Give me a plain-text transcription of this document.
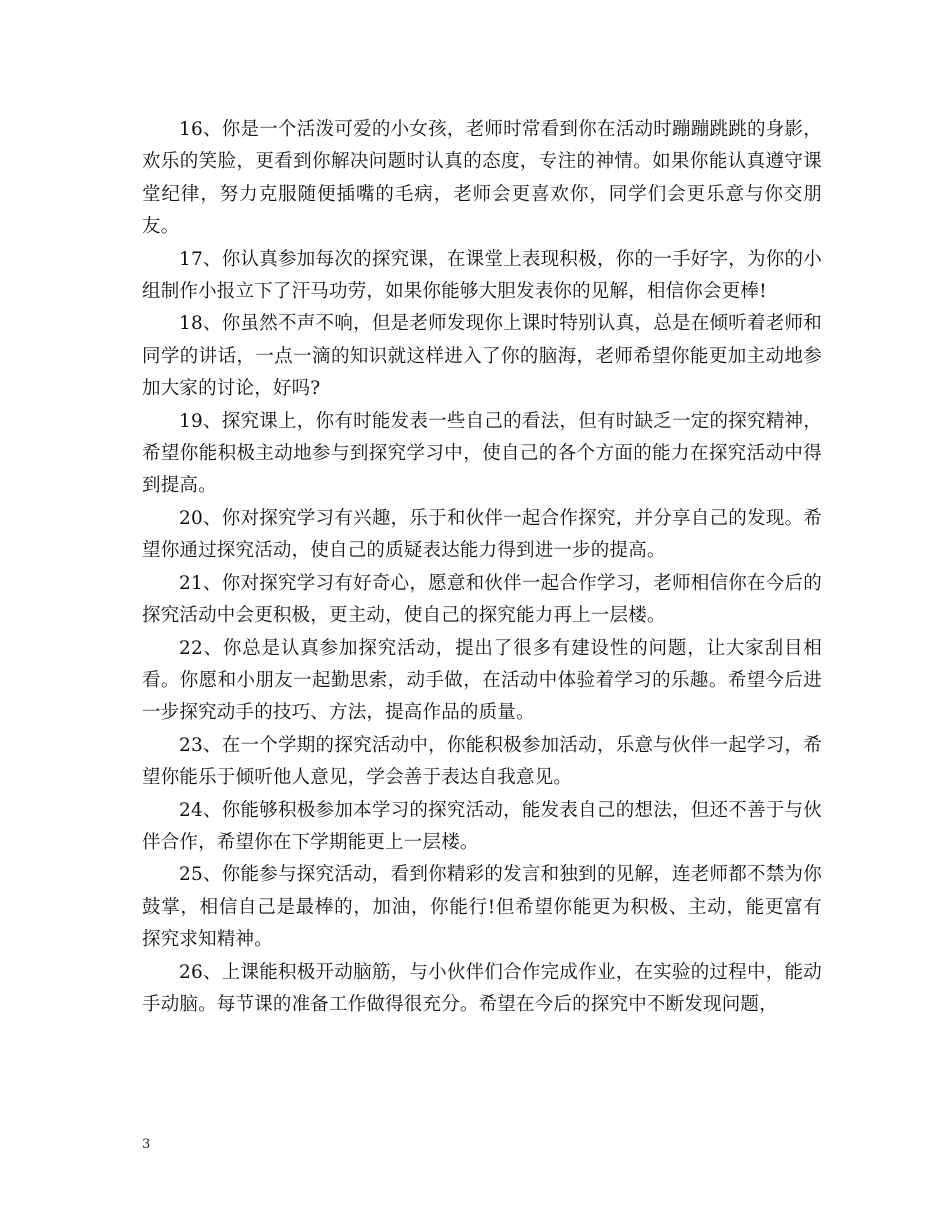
16、你是一个活泼可爱的小女孩，老师时常看到你在活动时蹦蹦跳跳的身影，欢乐的笑脸，更看到你解决问题时认真的态度，专注的神情。如果你能认真遵守课堂纪律，努力克服随便插嘴的毛病，老师会更喜欢你，同学们会更乐意与你交朋友。

17、你认真参加每次的探究课，在课堂上表现积极，你的一手好字，为你的小组制作小报立下了汗马功劳，如果你能够大胆发表你的见解，相信你会更棒!

18、你虽然不声不响，但是老师发现你上课时特别认真，总是在倾听着老师和同学的讲话，一点一滴的知识就这样进入了你的脑海，老师希望你能更加主动地参加大家的讨论，好吗?

19、探究课上，你有时能发表一些自己的看法，但有时缺乏一定的探究精神，希望你能积极主动地参与到探究学习中，使自己的各个方面的能力在探究活动中得到提高。

20、你对探究学习有兴趣，乐于和伙伴一起合作探究，并分享自己的发现。希望你通过探究活动，使自己的质疑表达能力得到进一步的提高。

21、你对探究学习有好奇心，愿意和伙伴一起合作学习，老师相信你在今后的探究活动中会更积极，更主动，使自己的探究能力再上一层楼。

22、你总是认真参加探究活动，提出了很多有建设性的问题，让大家刮目相看。你愿和小朋友一起勤思索，动手做，在活动中体验着学习的乐趣。希望今后进一步探究动手的技巧、方法，提高作品的质量。

23、在一个学期的探究活动中，你能积极参加活动，乐意与伙伴一起学习，希望你能乐于倾听他人意见，学会善于表达自我意见。

24、你能够积极参加本学习的探究活动，能发表自己的想法，但还不善于与伙伴合作，希望你在下学期能更上一层楼。

25、你能参与探究活动，看到你精彩的发言和独到的见解，连老师都不禁为你鼓掌，相信自己是最棒的，加油，你能行!但希望你能更为积极、主动，能更富有探究求知精神。

26、上课能积极开动脑筋，与小伙伴们合作完成作业，在实验的过程中，能动手动脑。每节课的准备工作做得很充分。希望在今后的探究中不断发现问题，

3
